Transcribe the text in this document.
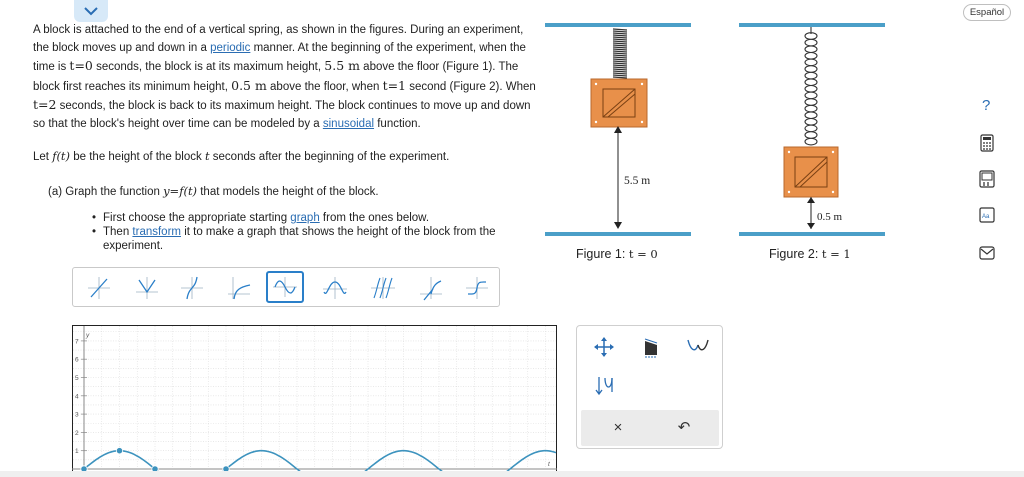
A block is attached to the end of a vertical spring, as shown in the figures. During an experiment, the block moves up and down in a periodic manner. At the beginning of the experiment, when the time is t=0 seconds, the block is at its maximum height, 5.5 m above the floor (Figure 1). The block first reaches its minimum height, 0.5 m above the floor, when t=1 second (Figure 2). When t=2 seconds, the block is back to its maximum height. The block continues to move up and down so that the block's height over time can be modeled by a sinusoidal function.
Let f(t) be the height of the block t seconds after the beginning of the experiment.
(a) Graph the function y=f(t) that models the height of the block.
• First choose the appropriate starting graph from the ones below.
• Then transform it to make a graph that shows the height of the block from the experiment.
5.5 m
0.5 m
Figure 1: t = 0	Figure 2: t = 1
1
2
3
4
5
6
7
y
t
×	↶
Español
?
Aa
